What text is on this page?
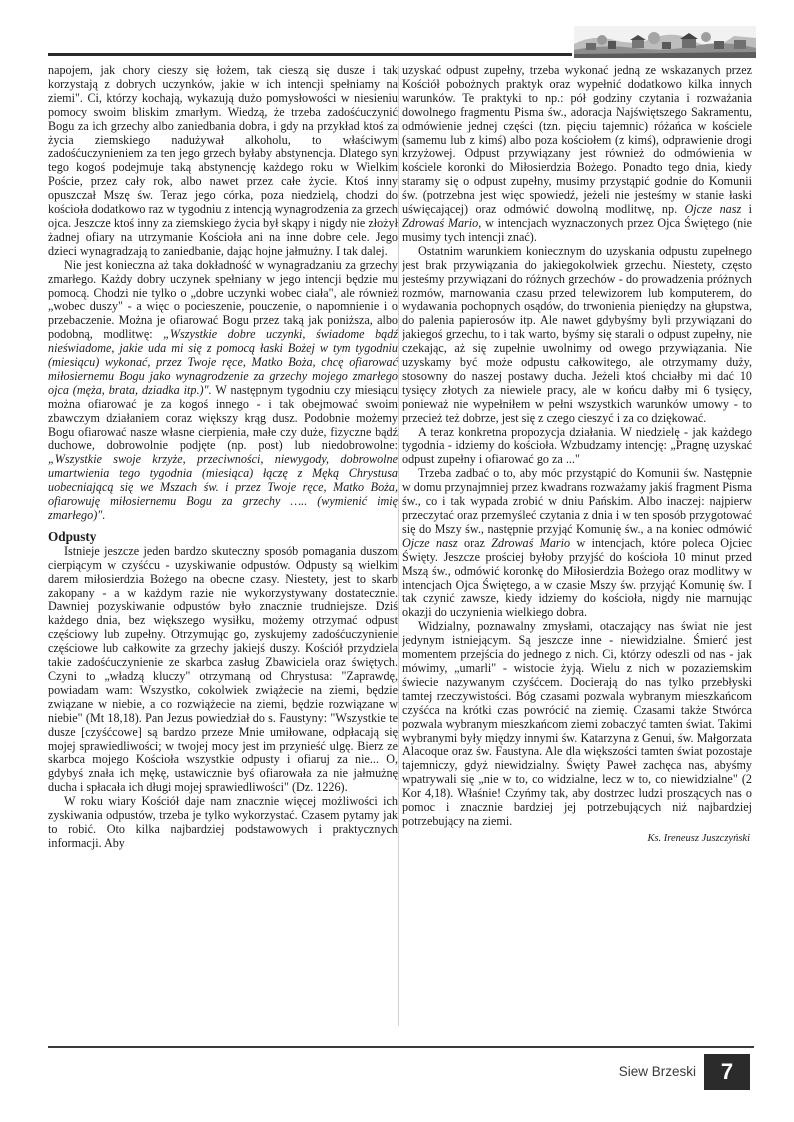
napojem, jak chory cieszy się łożem, tak cieszą się dusze i tak korzystają z dobrych uczynków, jakie w ich intencji spełniamy na ziemi". Ci, którzy kochają, wykazują dużo pomysłowości w niesieniu pomocy swoim bliskim zmarłym. Wiedzą, że trzeba zadośćuczynić Bogu za ich grzechy albo zaniedbania dobra, i gdy na przykład ktoś za życia ziemskiego nadużywał alkoholu, to właściwym zadośćuczynieniem za ten jego grzech byłaby abstynencja. Dlatego syn tego kogoś podejmuje taką abstynencję każdego roku w Wielkim Poście, przez cały rok, albo nawet przez całe życie. Ktoś inny opuszczał Mszę św. Teraz jego córka, poza niedzielą, chodzi do kościoła dodatkowo raz w tygodniu z intencją wynagrodzenia za grzech ojca. Jeszcze ktoś inny za ziemskiego życia był skąpy i nigdy nie złożył żadnej ofiary na utrzymanie Kościoła ani na inne dobre cele. Jego dzieci wynagradzają to zaniedbanie, dając hojne jałmużny. I tak dalej.

Nie jest konieczna aż taka dokładność w wynagradzaniu za grzechy zmarłego. Każdy dobry uczynek spełniany w jego intencji będzie mu pomocą. Chodzi nie tylko o „dobre uczynki wobec ciała", ale również „wobec duszy" - a więc o pocieszenie, pouczenie, o napomnienie i o przebaczenie. Można je ofiarować Bogu przez taką jak poniższa, albo podobną, modlitwę: „Wszystkie dobre uczynki, świadome bądź nieświadome, jakie uda mi się z pomocą łaski Bożej w tym tygodniu (miesiącu) wykonać, przez Twoje ręce, Matko Boża, chcę ofiarować miłosiernemu Bogu jako wynagrodzenie za grzechy mojego zmarłego ojca (męża, brata, dziadka itp.)". W następnym tygodniu czy miesiącu można ofiarować je za kogoś innego - i tak obejmować swoim zbawczym działaniem coraz większy krąg dusz. Podobnie możemy Bogu ofiarować nasze własne cierpienia, małe czy duże, fizyczne bądź duchowe, dobrowolnie podjęte (np. post) lub niedobrowolne: „Wszystkie swoje krzyże, przeciwności, niewygody, dobrowolne umartwienia tego tygodnia (miesiąca) łączę z Męką Chrystusa uobecniającą się we Mszach św. i przez Twoje ręce, Matko Boża, ofiarowuję miłosiernemu Bogu za grzechy ….. (wymienić imię zmarłego)".

Odpusty

Istnieje jeszcze jeden bardzo skuteczny sposób pomagania duszom cierpiącym w czyśćcu - uzyskiwanie odpustów. Odpusty są wielkim darem miłosierdzia Bożego na obecne czasy. Niestety, jest to skarb zakopany - a w każdym razie nie wykorzystywany dostatecznie. Dawniej pozyskiwanie odpustów było znacznie trudniejsze. Dziś każdego dnia, bez większego wysiłku, możemy otrzymać odpust częściowy lub zupełny. Otrzymując go, zyskujemy zadośćuczynienie częściowe lub całkowite za grzechy jakiejś duszy. Kościół przydziela takie zadośćuczynienie ze skarbca zasług Zbawiciela oraz świętych. Czyni to „władzą kluczy" otrzymaną od Chrystusa: "Zaprawdę, powiadam wam: Wszystko, cokolwiek zwiążecie na ziemi, będzie związane w niebie, a co rozwiążecie na ziemi, będzie rozwiązane w niebie" (Mt 18,18). Pan Jezus powiedział do s. Faustyny: "Wszystkie te dusze [czyśćcowe] są bardzo przeze Mnie umiłowane, odpłacają się mojej sprawiedliwości; w twojej mocy jest im przynieść ulgę. Bierz ze skarbca mojego Kościoła wszystkie odpusty i ofiaruj za nie... O, gdybyś znała ich mękę, ustawicznie byś ofiarowała za nie jałmużnę ducha i spłacała ich długi mojej sprawiedliwości" (Dz. 1226).

W roku wiary Kościół daje nam znacznie więcej możliwości ich zyskiwania odpustów, trzeba je tylko wykorzystać. Czasem pytamy jak to robić. Oto kilka najbardziej podstawowych i praktycznych informacji. Aby

uzyskać odpust zupełny, trzeba wykonać jedną ze wskazanych przez Kościół pobożnych praktyk oraz wypełnić dodatkowo kilka innych warunków. Te praktyki to np.: pół godziny czytania i rozważania dowolnego fragmentu Pisma św., adoracja Najświętszego Sakramentu, odmówienie jednej części (tzn. pięciu tajemnic) różańca w kościele (samemu lub z kimś) albo poza kościołem (z kimś), odprawienie drogi krzyżowej. Odpust przywiązany jest również do odmówienia w kościele koronki do Miłosierdzia Bożego. Ponadto tego dnia, kiedy staramy się o odpust zupełny, musimy przystąpić godnie do Komunii św. (potrzebna jest więc spowiedź, jeżeli nie jesteśmy w stanie łaski uświęcającej) oraz odmówić dowolną modlitwę, np. Ojcze nasz i Zdrowaś Mario, w intencjach wyznaczonych przez Ojca Świętego (nie musimy tych intencji znać).

Ostatnim warunkiem koniecznym do uzyskania odpustu zupełnego jest brak przywiązania do jakiegokolwiek grzechu. Niestety, często jesteśmy przywiązani do różnych grzechów - do prowadzenia próżnych rozmów, marnowania czasu przed telewizorem lub komputerem, do wydawania pochopnych osądów, do trwonienia pieniędzy na głupstwa, do palenia papierosów itp. Ale nawet gdybyśmy byli przywiązani do jakiegoś grzechu, to i tak warto, byśmy się starali o odpust zupełny, nie czekając, aż się zupełnie uwolnimy od owego przywiązania. Nie uzyskamy być może odpustu całkowitego, ale otrzymamy duży, stosowny do naszej postawy ducha. Jeżeli ktoś chciałby mi dać 10 tysięcy złotych za niewiele pracy, ale w końcu dałby mi 6 tysięcy, ponieważ nie wypełniłem w pełni wszystkich warunków umowy - to przecież też dobrze, jest się z czego cieszyć i za co dziękować.

A teraz konkretna propozycja działania. W niedzielę - jak każdego tygodnia - idziemy do kościoła. Wzbudzamy intencję: „Pragnę uzyskać odpust zupełny i ofiarować go za ..."

Trzeba zadbać o to, aby móc przystąpić do Komunii św. Następnie w domu przynajmniej przez kwadrans rozważamy jakiś fragment Pisma św., co i tak wypada zrobić w dniu Pańskim. Albo inaczej: najpierw przeczytać oraz przemyśleć czytania z dnia i w ten sposób przygotować się do Mszy św., następnie przyjąć Komunię św., a na koniec odmówić Ojcze nasz oraz Zdrowaś Mario w intencjach, które poleca Ojciec Święty. Jeszcze prościej byłoby przyjść do kościoła 10 minut przed Mszą św., odmówić koronkę do Miłosierdzia Bożego oraz modlitwy w intencjach Ojca Świętego, a w czasie Mszy św. przyjąć Komunię św. I tak czynić zawsze, kiedy idziemy do kościoła, nigdy nie marnując okazji do uczynienia wielkiego dobra.

Widzialny, poznawalny zmysłami, otaczający nas świat nie jest jedynym istniejącym. Są jeszcze inne - niewidzialne. Śmierć jest momentem przejścia do jednego z nich. Ci, którzy odeszli od nas - jak mówimy, „umarli" - wistocie żyją. Wielu z nich w pozaziemskim świecie nazywanym czyśćcem. Docierają do nas tylko przebłyski tamtej rzeczywistości. Bóg czasami pozwala wybranym mieszkańcom czyśćca na krótki czas powrócić na ziemię. Czasami także Stwórca pozwala wybranym mieszkańcom ziemi zobaczyć tamten świat. Takimi wybranymi były między innymi św. Katarzyna z Genui, św. Małgorzata Alacoque oraz św. Faustyna. Ale dla większości tamten świat pozostaje tajemniczy, gdyż niewidzialny. Święty Paweł zachęca nas, abyśmy wpatrywali się „nie w to, co widzialne, lecz w to, co niewidzialne" (2 Kor 4,18). Właśnie! Czyńmy tak, aby dostrzec ludzi proszących nas o pomoc i znacznie bardziej jej potrzebujących niż najbardziej potrzebujący na ziemi.

Ks. Ireneusz Juszczyński
Siew Brzeski	7
